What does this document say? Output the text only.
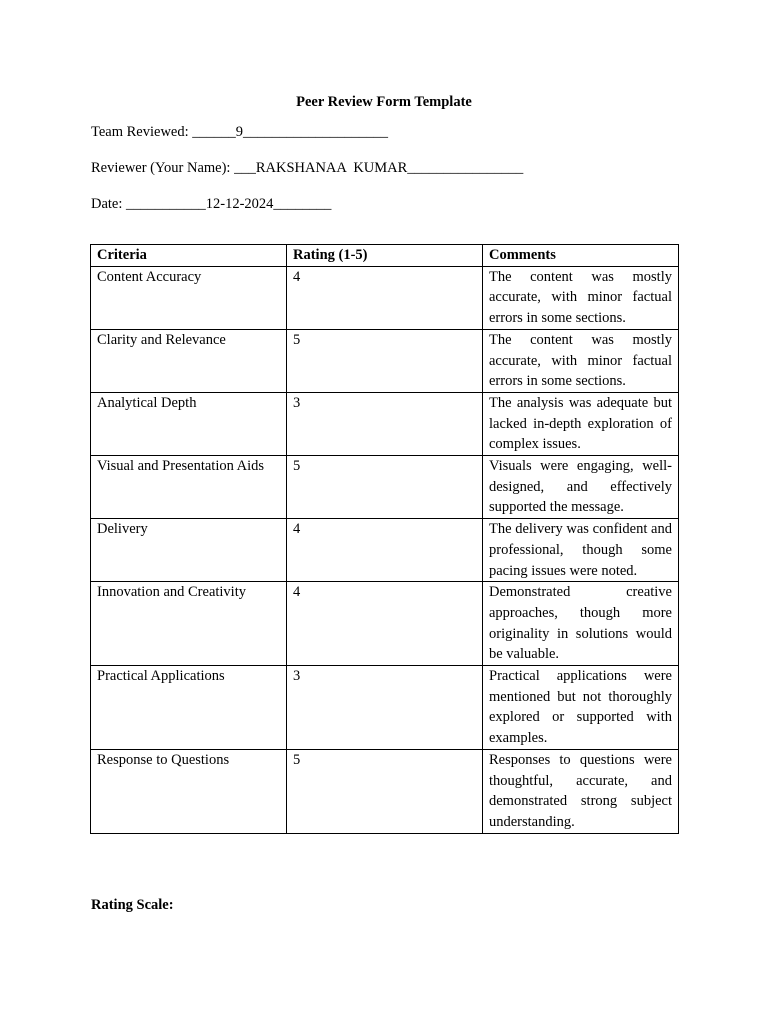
Peer Review Form Template

Team Reviewed: ______9____________________

Reviewer (Your Name): ___RAKSHANAA  KUMAR________________

Date: ___________12-12-2024________

Criteria	Rating (1-5)	Comments
Content Accuracy	4	The content was mostly accurate, with minor factual errors in some sections.
Clarity and Relevance	5	The content was mostly accurate, with minor factual errors in some sections.
Analytical Depth	3	The analysis was adequate but lacked in-depth exploration of complex issues.
Visual and Presentation Aids	5	Visuals were engaging, well-designed, and effectively supported the message.
Delivery	4	The delivery was confident and professional, though some pacing issues were noted.
Innovation and Creativity	4	Demonstrated creative approaches, though more originality in solutions would be valuable.
Practical Applications	3	Practical applications were mentioned but not thoroughly explored or supported with examples.
Response to Questions	5	Responses to questions were thoughtful, accurate, and demonstrated strong subject understanding.

Rating Scale:
